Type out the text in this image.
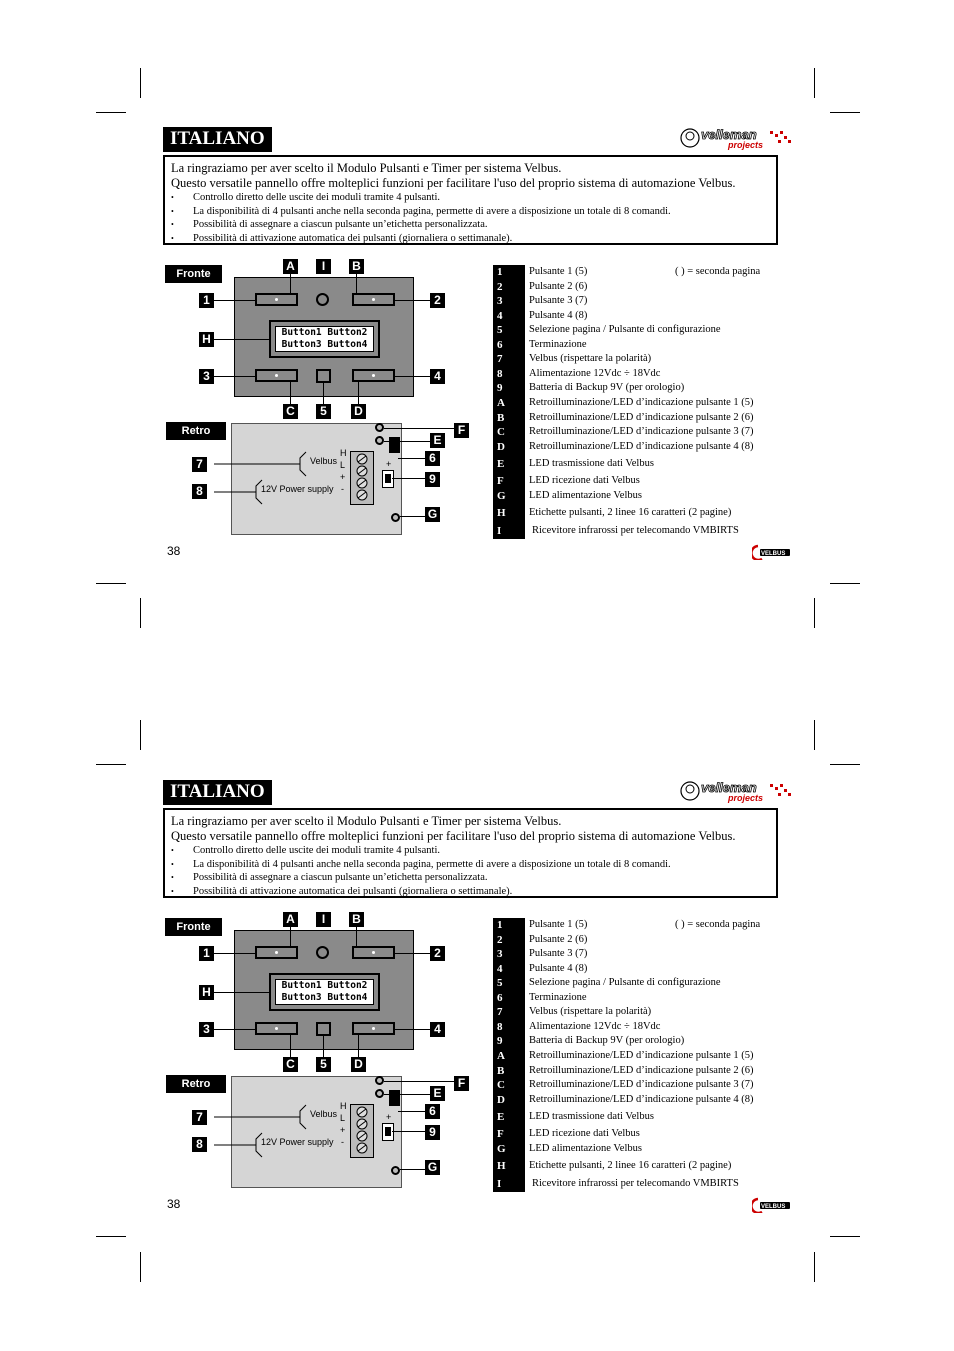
ITALIANO	velleman
projects

La ringraziamo per aver scelto il Modulo Pulsanti e Timer per sistema Velbus.

Questo versatile pannello offre molteplici funzioni per facilitare l'uso del proprio sistema di automazione Velbus.

• Controllo diretto delle uscite dei moduli tramite 4 pulsanti.
• La disponibilità di 4 pulsanti anche nella seconda pagina, permette di avere a disposizione un totale di 8 comandi.
• Possibilità di assegnare a ciascun pulsante un’etichetta personalizzata.
• Possibilità di attivazione automatica dei pulsanti (giornaliera o settimanale).
Fronte
A	I	B
1	2
Button1 Button2
Button3 Button4
H
3	4
C	5	D
Retro	F
E
6
H
L
+
-
Velbus
12V Power supply
7
8
+
9
G
1	Pulsante 1 (5)	( ) = seconda pagina
2	Pulsante 2 (6)
3	Pulsante 3 (7)
4	Pulsante 4 (8)
5	Selezione pagina / Pulsante di configurazione
6	Terminazione
7	Velbus (rispettare la polarità)
8	Alimentazione 12Vdc ÷ 18Vdc
9	Batteria di Backup 9V (per orologio)
A	Retroilluminazione/LED d’indicazione pulsante 1 (5)
B	Retroilluminazione/LED d’indicazione pulsante 2 (6)
C	Retroilluminazione/LED d’indicazione pulsante 3 (7)
D	Retroilluminazione/LED d’indicazione pulsante 4 (8)
E	LED trasmissione dati Velbus
F	LED ricezione dati Velbus
G	LED alimentazione Velbus
H	Etichette pulsanti, 2 linee 16 caratteri (2 pagine)
I	Ricevitore infrarossi per telecomando VMBIRTS
38	VELBUS
ITALIANO	velleman
projects

La ringraziamo per aver scelto il Modulo Pulsanti e Timer per sistema Velbus.

Questo versatile pannello offre molteplici funzioni per facilitare l'uso del proprio sistema di automazione Velbus.

• Controllo diretto delle uscite dei moduli tramite 4 pulsanti.
• La disponibilità di 4 pulsanti anche nella seconda pagina, permette di avere a disposizione un totale di 8 comandi.
• Possibilità di assegnare a ciascun pulsante un’etichetta personalizzata.
• Possibilità di attivazione automatica dei pulsanti (giornaliera o settimanale).
Fronte
A	I	B
1	2
Button1 Button2
Button3 Button4
H
3	4
C	5	D
Retro	F
E
6
H
L
+
-
Velbus
12V Power supply
7
8
+
9
G
1	Pulsante 1 (5)	( ) = seconda pagina
2	Pulsante 2 (6)
3	Pulsante 3 (7)
4	Pulsante 4 (8)
5	Selezione pagina / Pulsante di configurazione
6	Terminazione
7	Velbus (rispettare la polarità)
8	Alimentazione 12Vdc ÷ 18Vdc
9	Batteria di Backup 9V (per orologio)
A	Retroilluminazione/LED d’indicazione pulsante 1 (5)
B	Retroilluminazione/LED d’indicazione pulsante 2 (6)
C	Retroilluminazione/LED d’indicazione pulsante 3 (7)
D	Retroilluminazione/LED d’indicazione pulsante 4 (8)
E	LED trasmissione dati Velbus
F	LED ricezione dati Velbus
G	LED alimentazione Velbus
H	Etichette pulsanti, 2 linee 16 caratteri (2 pagine)
I	Ricevitore infrarossi per telecomando VMBIRTS
38	VELBUS
